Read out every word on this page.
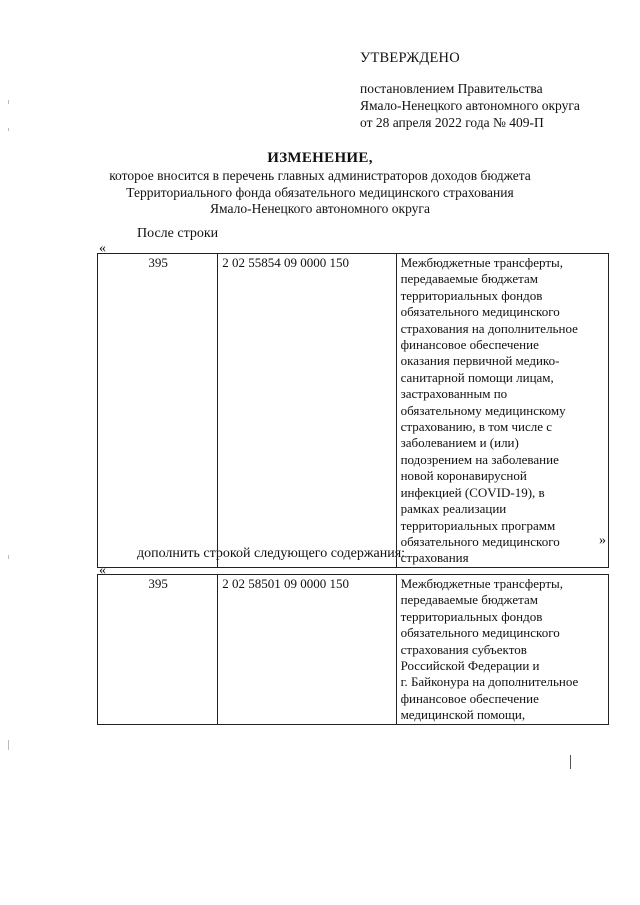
УТВЕРЖДЕНО
постановлением Правительства
Ямало-Ненецкого автономного округа
от 28 апреля 2022 года № 409-П
ИЗМЕНЕНИЕ,
которое вносится в перечень главных администраторов доходов бюджета
Территориального фонда обязательного медицинского страхования
Ямало-Ненецкого автономного округа
После строки
«
395	2 02 55854 09 0000 150	Межбюджетные трансферты,
передаваемые бюджетам
территориальных фондов
обязательного медицинского
страхования на дополнительное
финансовое обеспечение
оказания первичной медико-
санитарной помощи лицам,
застрахованным по
обязательному медицинскому
страхованию, в том числе с
заболеванием и (или)
подозрением на заболевание
новой коронавирусной
инфекцией (COVID-19), в
рамках реализации
территориальных программ
обязательного медицинского
страхования
»
дополнить строкой следующего содержания:
«
395	2 02 58501 09 0000 150	Межбюджетные трансферты,
передаваемые бюджетам
территориальных фондов
обязательного медицинского
страхования субъектов
Российской Федерации и
г. Байконура на дополнительное
финансовое обеспечение
медицинской помощи,
